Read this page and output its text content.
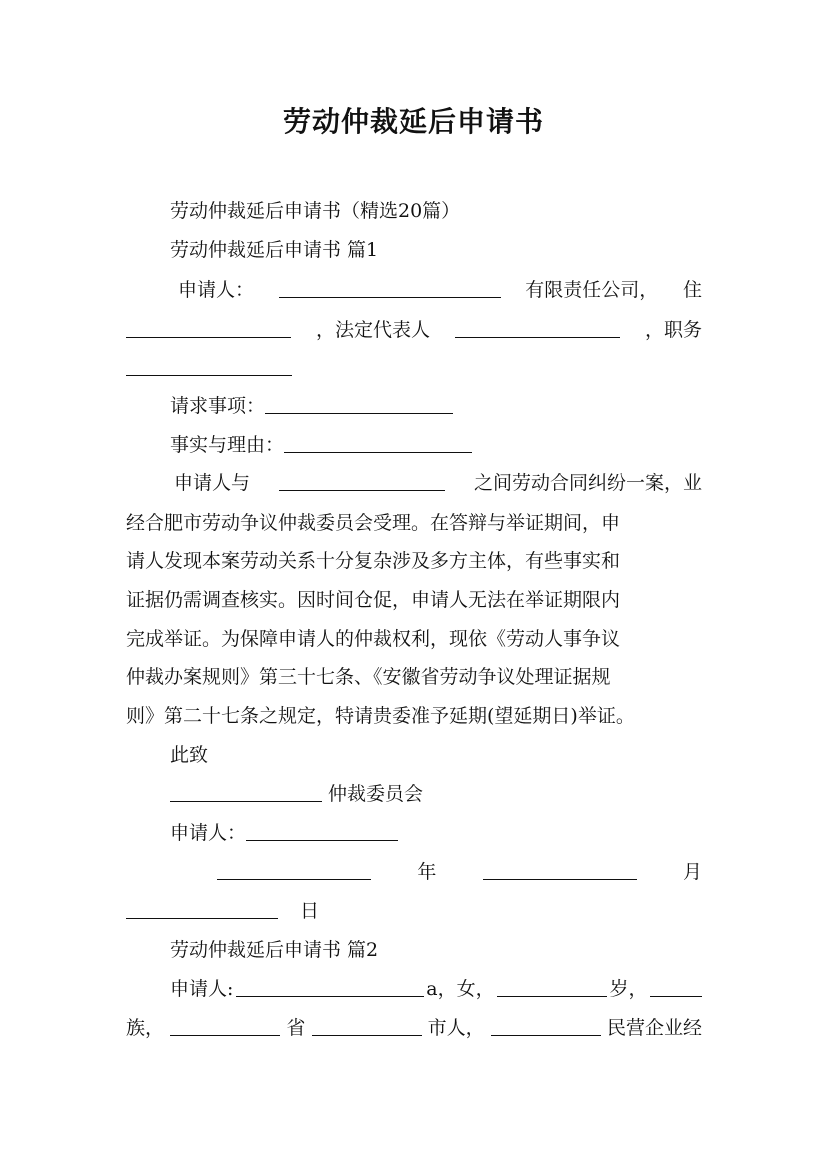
劳动仲裁延后申请书
劳动仲裁延后申请书（精选20篇）
劳动仲裁延后申请书 篇1
申请人：	有限责任公司， 住
，法定代表人	，职务
请求事项：
事实与理由：
申请人与	之间劳动合同纠纷一案，业
经合肥市劳动争议仲裁委员会受理。在答辩与举证期间，申
请人发现本案劳动关系十分复杂涉及多方主体，有些事实和
证据仍需调查核实。因时间仓促，申请人无法在举证期限内
完成举证。为保障申请人的仲裁权利，现依《劳动人事争议
仲裁办案规则》第三十七条、《安徽省劳动争议处理证据规
则》第二十七条之规定，特请贵委准予延期(望延期日)举证。
此致
仲裁委员会
申请人：
年	月
日
劳动仲裁延后申请书 篇2
申请人:	a，女，	岁，
族，	省	市人，	民营企业经
